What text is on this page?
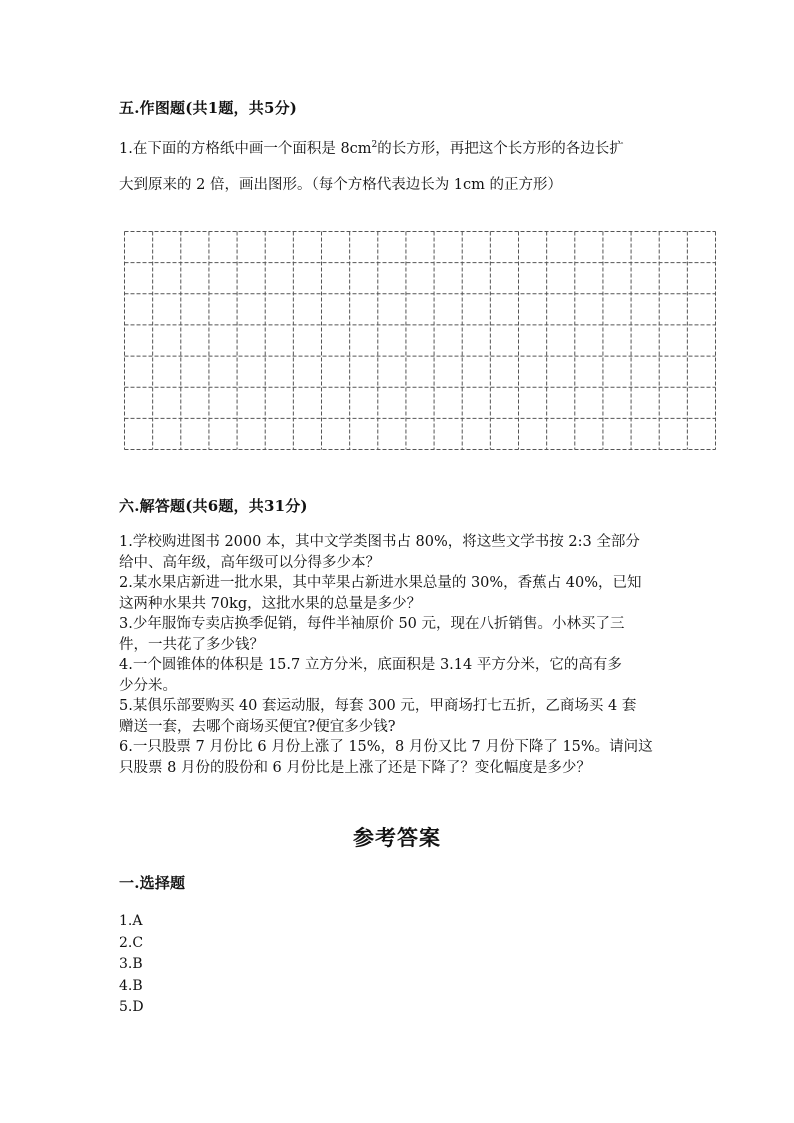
五.作图题(共1题，共5分)
1.在下面的方格纸中画一个面积是 $8cm^2$的长方形，再把这个长方形的各边长扩
大到原来的 2 倍，画出图形。（每个方格代表边长为 1cm 的正方形）
六.解答题(共6题，共31分)
1.学校购进图书 2000 本，其中文学类图书占 80%，将这些文学书按 2:3 全部分
给中、高年级，高年级可以分得多少本？
2.某水果店新进一批水果，其中苹果占新进水果总量的 30%，香蕉占 40%，已知
这两种水果共 70kg，这批水果的总量是多少？
3.少年服饰专卖店换季促销，每件半袖原价 50 元，现在八折销售。小林买了三
件，一共花了多少钱？
4.一个圆锥体的体积是 15.7 立方分米，底面积是 3.14 平方分米，它的高有多
少分米。
5.某俱乐部要购买 40 套运动服，每套 300 元，甲商场打七五折，乙商场买 4 套
赠送一套，去哪个商场买便宜?便宜多少钱?
6.一只股票 7 月份比 6 月份上涨了 15%，8 月份又比 7 月份下降了 15%。请问这
只股票 8 月份的股份和 6 月份比是上涨了还是下降了？变化幅度是多少？
参考答案
一.选择题
1.A
2.C
3.B
4.B
5.D
